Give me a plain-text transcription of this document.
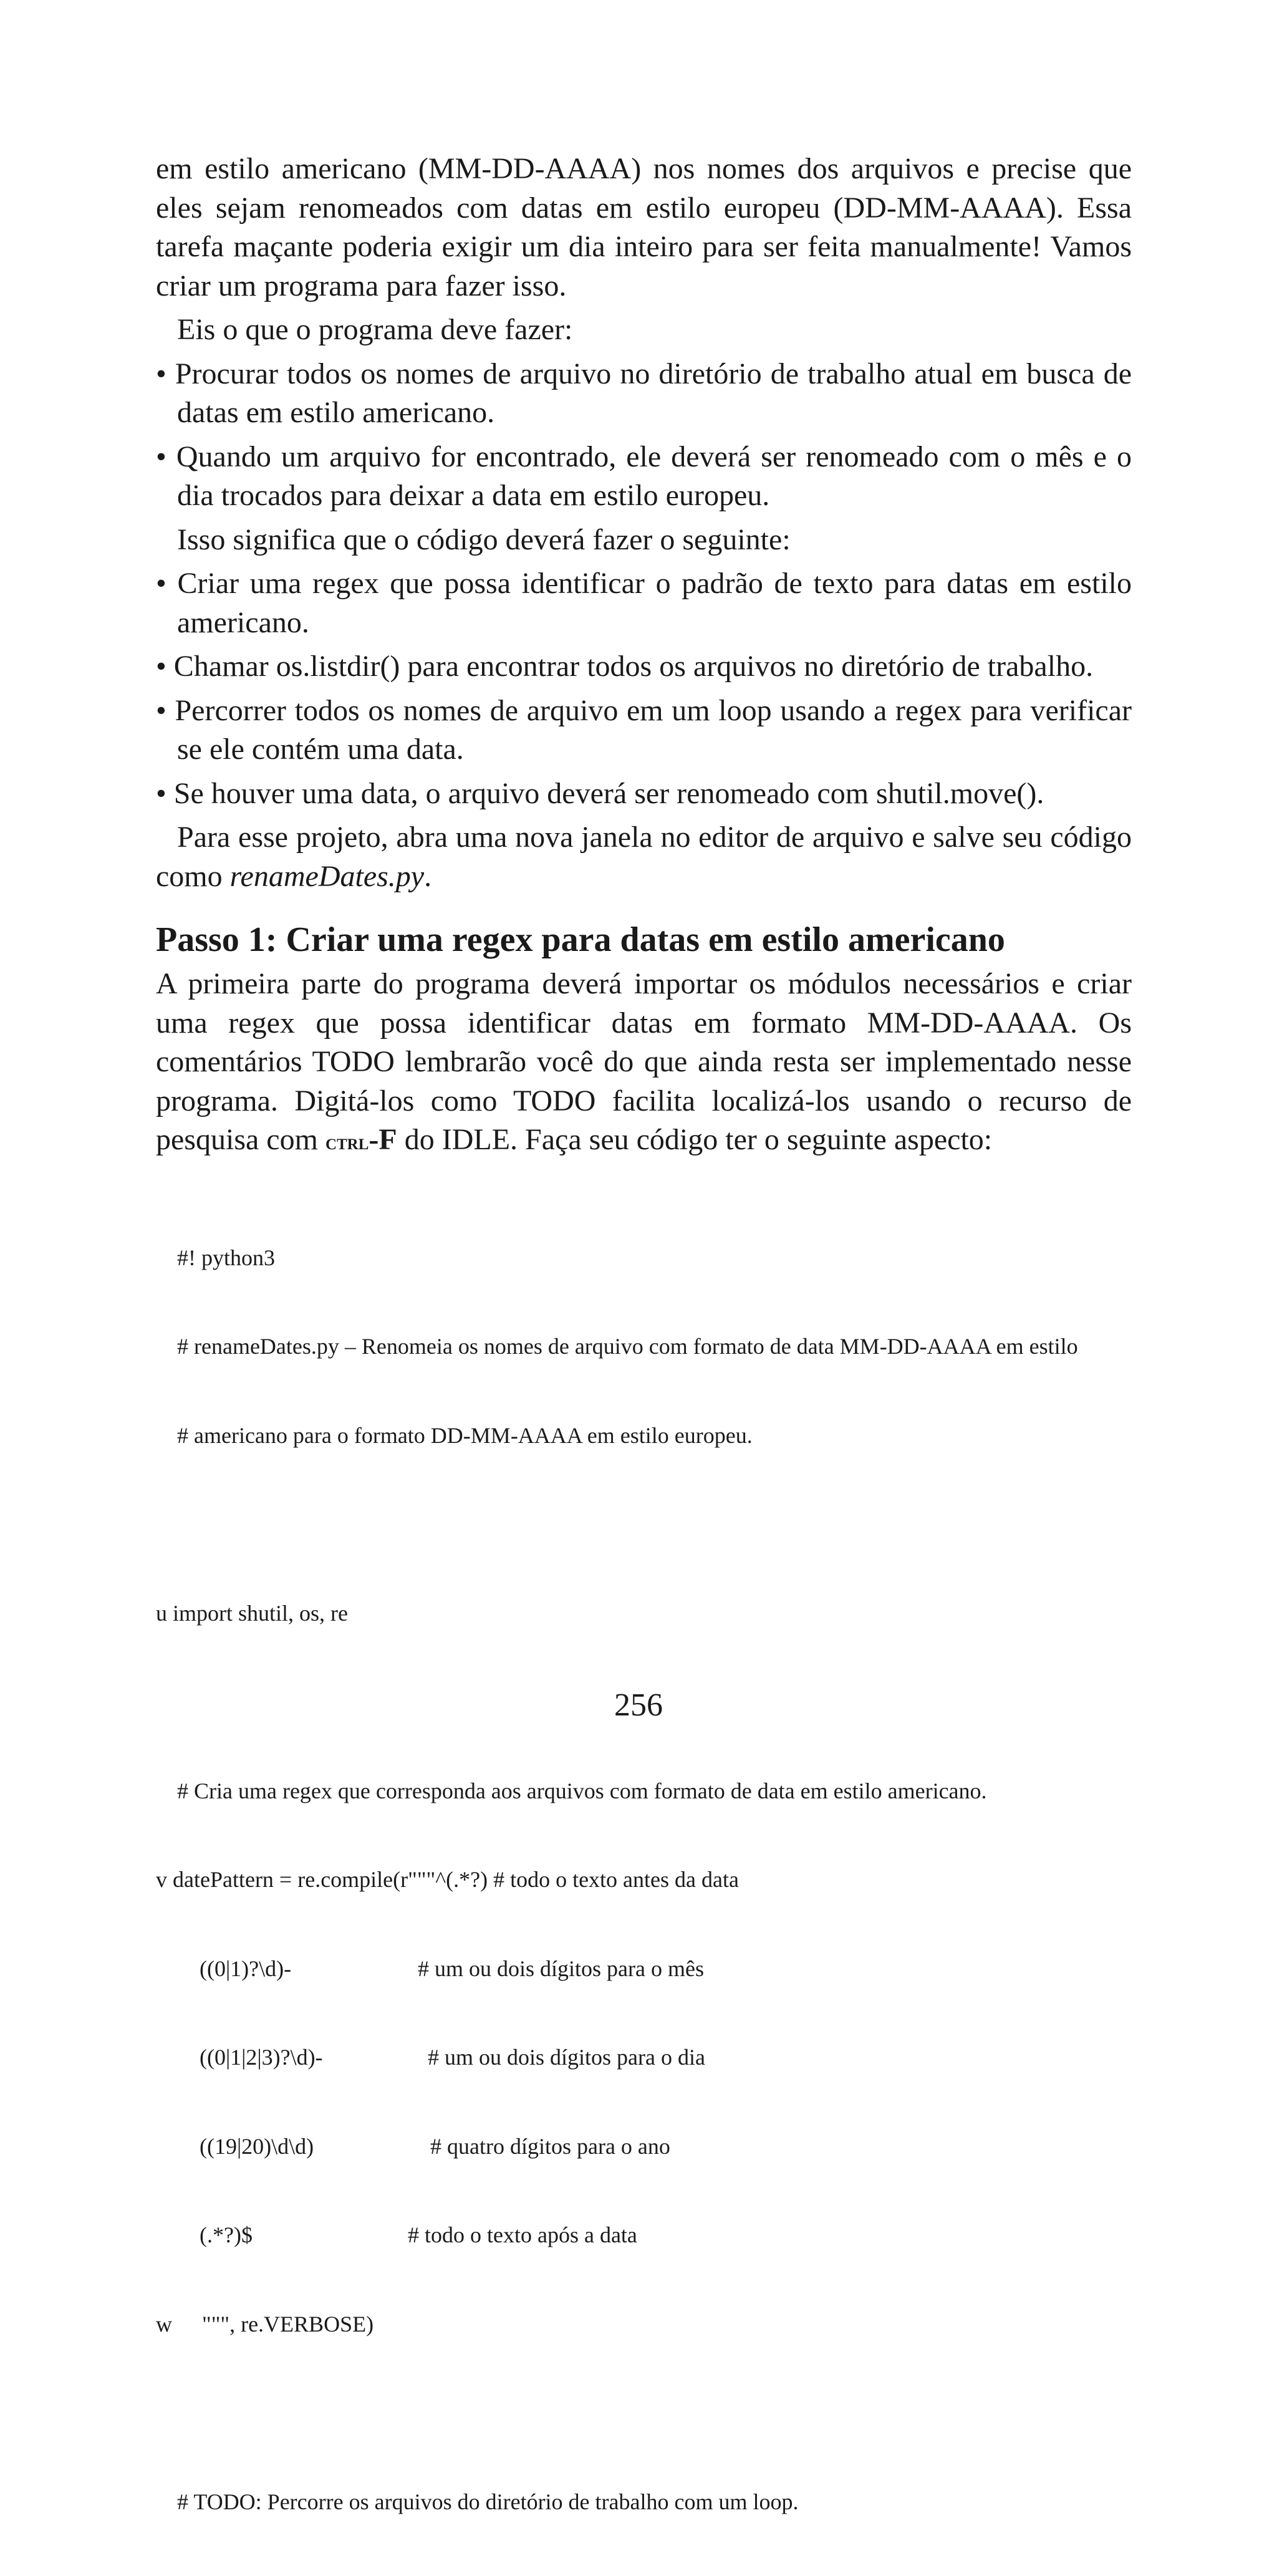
em estilo americano (MM-DD-AAAA) nos nomes dos arquivos e precise que eles sejam renomeados com datas em estilo europeu (DD-MM-AAAA). Essa tarefa maçante poderia exigir um dia inteiro para ser feita manualmente! Vamos criar um programa para fazer isso.

Eis o que o programa deve fazer:

• Procurar todos os nomes de arquivo no diretório de trabalho atual em busca de datas em estilo americano.

• Quando um arquivo for encontrado, ele deverá ser renomeado com o mês e o dia trocados para deixar a data em estilo europeu.

Isso significa que o código deverá fazer o seguinte:

• Criar uma regex que possa identificar o padrão de texto para datas em estilo americano.

• Chamar os.listdir() para encontrar todos os arquivos no diretório de trabalho.

• Percorrer todos os nomes de arquivo em um loop usando a regex para verificar se ele contém uma data.

• Se houver uma data, o arquivo deverá ser renomeado com shutil.move().

Para esse projeto, abra uma nova janela no editor de arquivo e salve seu código como renameDates.py.

Passo 1: Criar uma regex para datas em estilo americano

A primeira parte do programa deverá importar os módulos necessários e criar uma regex que possa identificar datas em formato MM-DD-AAAA. Os comentários TODO lembrarão você do que ainda resta ser implementado nesse programa. Digitá-los como TODO facilita localizá-los usando o recurso de pesquisa com ctrl-F do IDLE. Faça seu código ter o seguinte aspecto:

#! python3

# renameDates.py – Renomeia os nomes de arquivo com formato de data MM-DD-AAAA em estilo

# americano para o formato DD-MM-AAAA em estilo europeu.

u import shutil, os, re

# Cria uma regex que corresponda aos arquivos com formato de data em estilo americano.

v datePattern = re.compile(r"""^(.*?) # todo o texto antes da data

((0|1)?\d)-	# um ou dois dígitos para o mês

((0|1|2|3)?\d)-	# um ou dois dígitos para o dia

((19|20)\d\d)	# quatro dígitos para o ano

(.*?)$	# todo o texto após a data

w """, re.VERBOSE)

# TODO: Percorre os arquivos do diretório de trabalho com um loop.

256
